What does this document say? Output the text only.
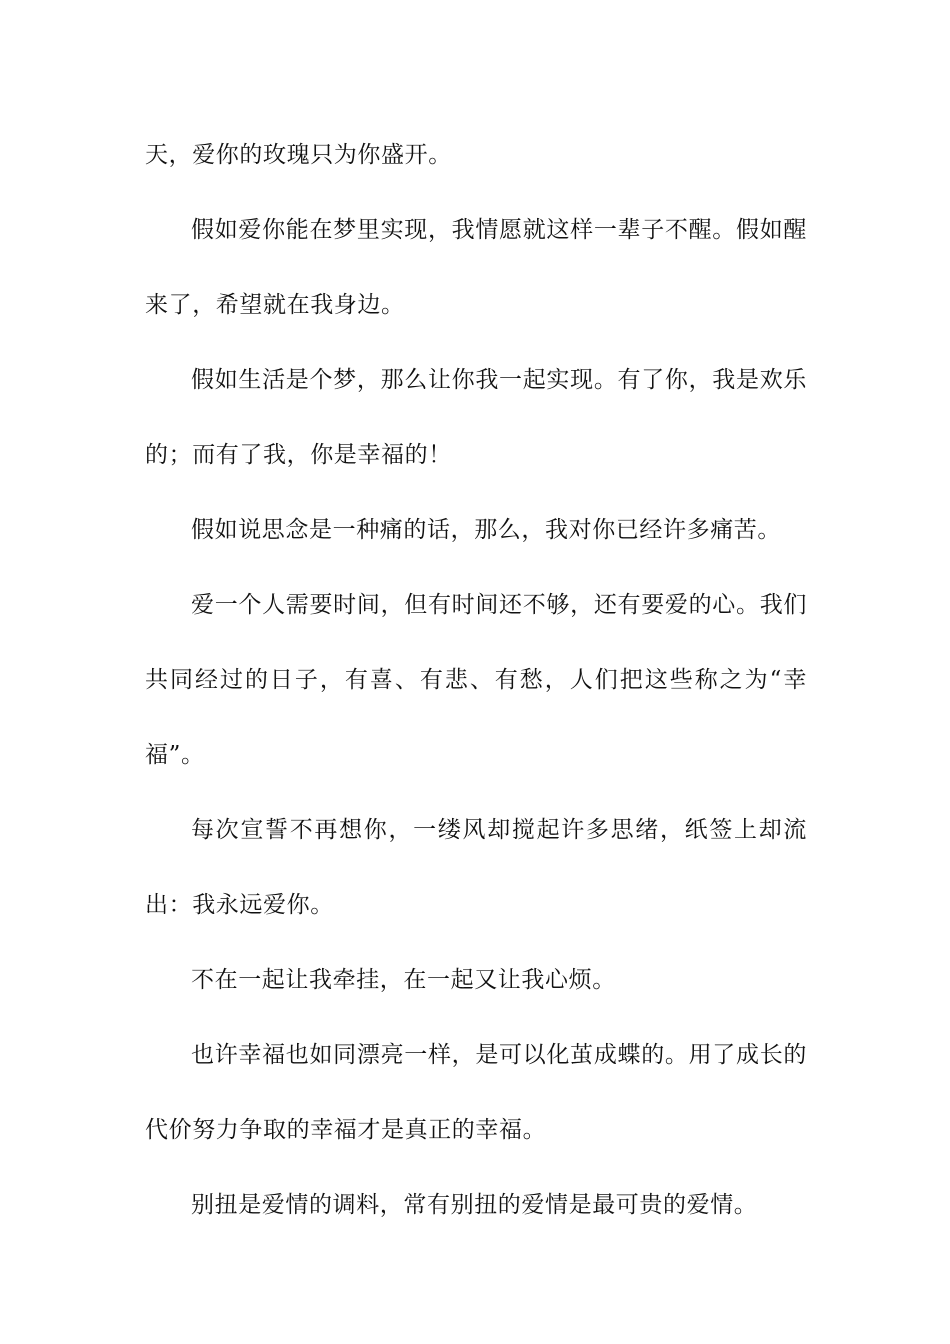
天，爱你的玫瑰只为你盛开。

假如爱你能在梦里实现，我情愿就这样一辈子不醒。假如醒来了，希望就在我身边。

假如生活是个梦，那么让你我一起实现。有了你，我是欢乐的；而有了我，你是幸福的！

假如说思念是一种痛的话，那么，我对你已经许多痛苦。

爱一个人需要时间，但有时间还不够，还有要爱的心。我们共同经过的日子，有喜、有悲、有愁，人们把这些称之为“幸福”。

每次宣誓不再想你，一缕风却搅起许多思绪，纸签上却流出：我永远爱你。

不在一起让我牵挂，在一起又让我心烦。

也许幸福也如同漂亮一样，是可以化茧成蝶的。用了成长的代价努力争取的幸福才是真正的幸福。

别扭是爱情的调料，常有别扭的爱情是最可贵的爱情。
